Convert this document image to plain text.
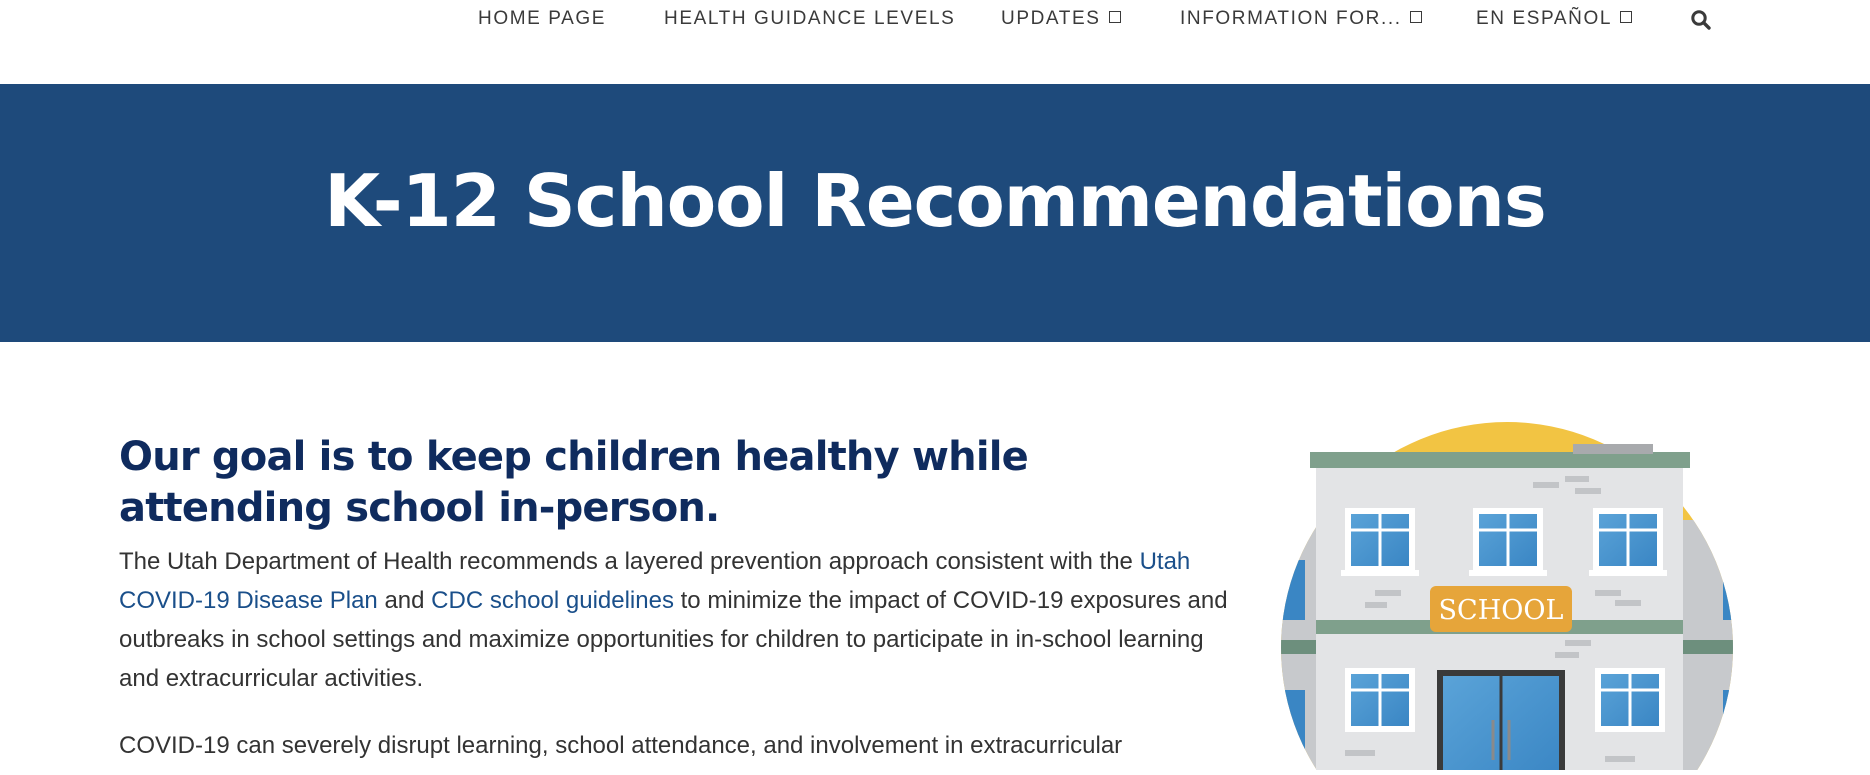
HOME PAGE	HEALTH GUIDANCE LEVELS UPDATES	INFORMATION FOR...	EN ESPAÑOL
K-12 School Recommendations
Our goal is to keep children healthy while attending school in-person.

The Utah Department of Health recommends a layered prevention approach consistent with the Utah COVID-19 Disease Plan and CDC school guidelines to minimize the impact of COVID-19 exposures and outbreaks in school settings and maximize opportunities for children to participate in in-school learning and extracurricular activities.

COVID-19 can severely disrupt learning, school attendance, and involvement in extracurricular

SCHOOL
